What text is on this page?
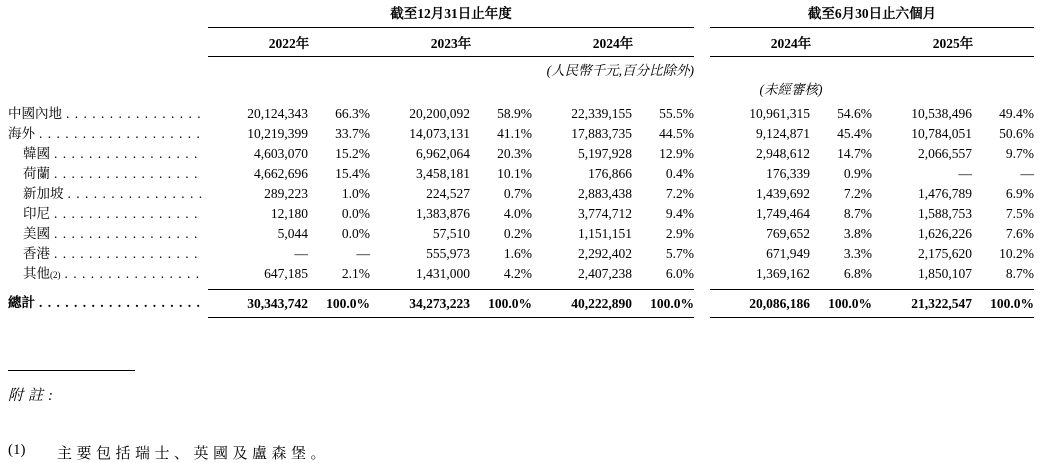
截至12月31日止年度	截至6月30日止六個月
2022年	2023年	2024年	2024年	2025年
(人民幣千元,百分比除外)
(未經審核)
中國內地 . . .	20,124,343	66.3%	20,200,092	58.9%	22,339,155	55.5%	10,961,315	54.6%	10,538,496	49.4%
海外 . . .	10,219,399	33.7%	14,073,131	41.1%	17,883,735	44.5%	9,124,871	45.4%	10,784,051	50.6%
韓國 . . .	4,603,070	15.2%	6,962,064	20.3%	5,197,928	12.9%	2,948,612	14.7%	2,066,557	9.7%
荷蘭 . . .	4,662,696	15.4%	3,458,181	10.1%	176,866	0.4%	176,339	0.9%	—	—
新加坡 . . .	289,223	1.0%	224,527	0.7%	2,883,438	7.2%	1,439,692	7.2%	1,476,789	6.9%
印尼 . . .	12,180	0.0%	1,383,876	4.0%	3,774,712	9.4%	1,749,464	8.7%	1,588,753	7.5%
美國 . . .	5,044	0.0%	57,510	0.2%	1,151,151	2.9%	769,652	3.8%	1,626,226	7.6%
香港 . . .	—	—	555,973	1.6%	2,292,402	5.7%	671,949	3.3%	2,175,620	10.2%
其他 (2) . . .	647,185	2.1%	1,431,000	4.2%	2,407,238	6.0%	1,369,162	6.8%	1,850,107	8.7%
總計 . . .	30,343,742	100.0%	34,273,223	100.0%	40,222,890	100.0%	20,086,186	100.0%	21,322,547	100.0%
附註:
(1)	主要包括瑞士、英國及盧森堡。
